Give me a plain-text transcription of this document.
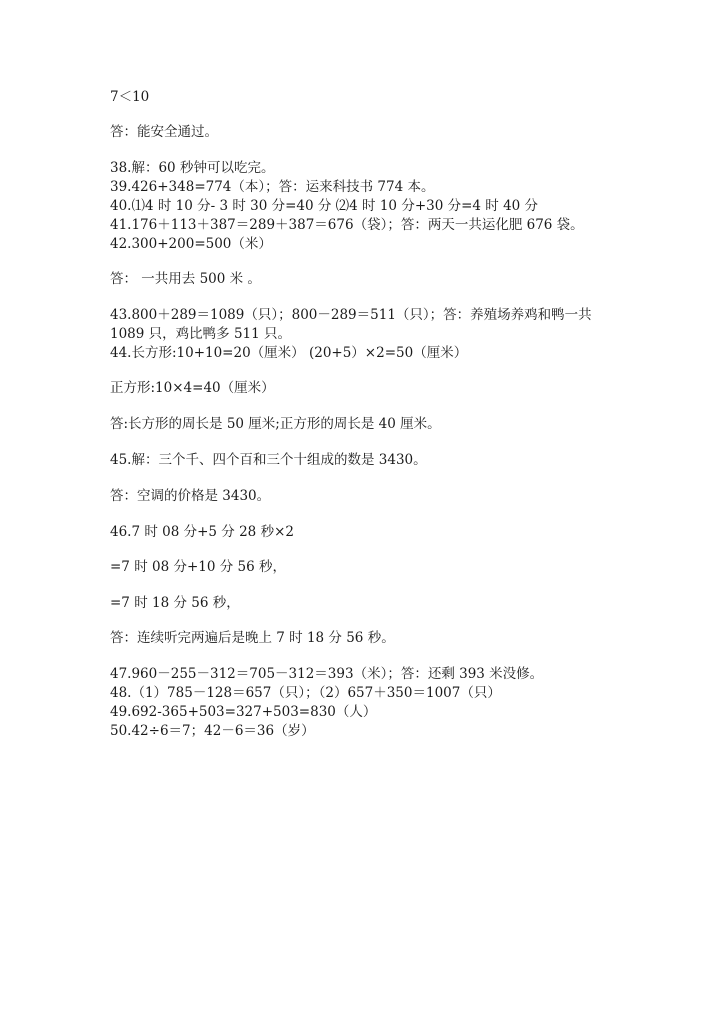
7＜10
答：能安全通过。
38.解：60 秒钟可以吃完。
39.426+348=774（本）；答：运来科技书 774 本。
40.⑴4 时 10 分- 3 时 30 分=40 分 ⑵4 时 10 分+30 分=4 时 40 分
41.176＋113＋387＝289＋387＝676（袋）；答：两天一共运化肥 676 袋。
42.300+200=500（米）
答： 一共用去 500 米 。
43.800＋289＝1089（只）；800－289＝511（只）；答：养殖场养鸡和鸭一共
1089 只，鸡比鸭多 511 只。
44.长方形:10+10=20（厘米） (20+5）×2=50（厘米）
正方形:10×4=40（厘米）
答:长方形的周长是 50 厘米;正方形的周长是 40 厘米。
45.解：三个千、四个百和三个十组成的数是 3430。
答：空调的价格是 3430。
46.7 时 08 分+5 分 28 秒×2
=7 时 08 分+10 分 56 秒，
=7 时 18 分 56 秒，
答：连续听完两遍后是晚上 7 时 18 分 56 秒。
47.960－255－312＝705－312＝393（米）；答：还剩 393 米没修。
48.（1）785－128＝657（只）；（2）657＋350＝1007（只）
49.692-365+503=327+503=830（人）
50.42÷6＝7；42－6＝36（岁）
